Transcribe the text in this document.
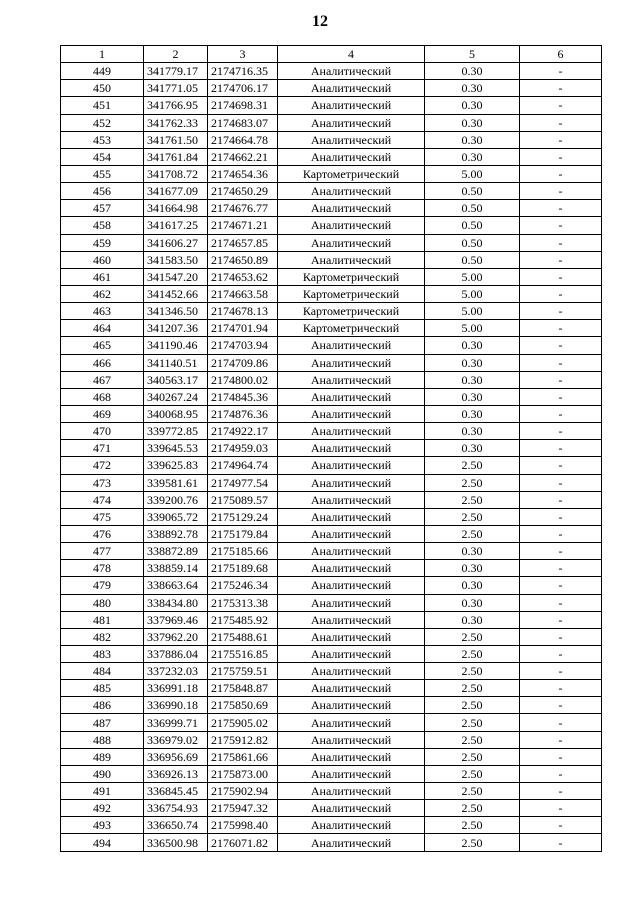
12
1	2	3	4	5	6
449	341779.17	2174716.35	Аналитический	0.30	-
450	341771.05	2174706.17	Аналитический	0.30	-
451	341766.95	2174698.31	Аналитический	0.30	-
452	341762.33	2174683.07	Аналитический	0.30	-
453	341761.50	2174664.78	Аналитический	0.30	-
454	341761.84	2174662.21	Аналитический	0.30	-
455	341708.72	2174654.36	Картометрический	5.00	-
456	341677.09	2174650.29	Аналитический	0.50	-
457	341664.98	2174676.77	Аналитический	0.50	-
458	341617.25	2174671.21	Аналитический	0.50	-
459	341606.27	2174657.85	Аналитический	0.50	-
460	341583.50	2174650.89	Аналитический	0.50	-
461	341547.20	2174653.62	Картометрический	5.00	-
462	341452.66	2174663.58	Картометрический	5.00	-
463	341346.50	2174678.13	Картометрический	5.00	-
464	341207.36	2174701.94	Картометрический	5.00	-
465	341190.46	2174703.94	Аналитический	0.30	-
466	341140.51	2174709.86	Аналитический	0.30	-
467	340563.17	2174800.02	Аналитический	0.30	-
468	340267.24	2174845.36	Аналитический	0.30	-
469	340068.95	2174876.36	Аналитический	0.30	-
470	339772.85	2174922.17	Аналитический	0.30	-
471	339645.53	2174959.03	Аналитический	0.30	-
472	339625.83	2174964.74	Аналитический	2.50	-
473	339581.61	2174977.54	Аналитический	2.50	-
474	339200.76	2175089.57	Аналитический	2.50	-
475	339065.72	2175129.24	Аналитический	2.50	-
476	338892.78	2175179.84	Аналитический	2.50	-
477	338872.89	2175185.66	Аналитический	0.30	-
478	338859.14	2175189.68	Аналитический	0.30	-
479	338663.64	2175246.34	Аналитический	0.30	-
480	338434.80	2175313.38	Аналитический	0.30	-
481	337969.46	2175485.92	Аналитический	0.30	-
482	337962.20	2175488.61	Аналитический	2.50	-
483	337886.04	2175516.85	Аналитический	2.50	-
484	337232.03	2175759.51	Аналитический	2.50	-
485	336991.18	2175848.87	Аналитический	2.50	-
486	336990.18	2175850.69	Аналитический	2.50	-
487	336999.71	2175905.02	Аналитический	2.50	-
488	336979.02	2175912.82	Аналитический	2.50	-
489	336956.69	2175861.66	Аналитический	2.50	-
490	336926.13	2175873.00	Аналитический	2.50	-
491	336845.45	2175902.94	Аналитический	2.50	-
492	336754.93	2175947.32	Аналитический	2.50	-
493	336650.74	2175998.40	Аналитический	2.50	-
494	336500.98	2176071.82	Аналитический	2.50	-
